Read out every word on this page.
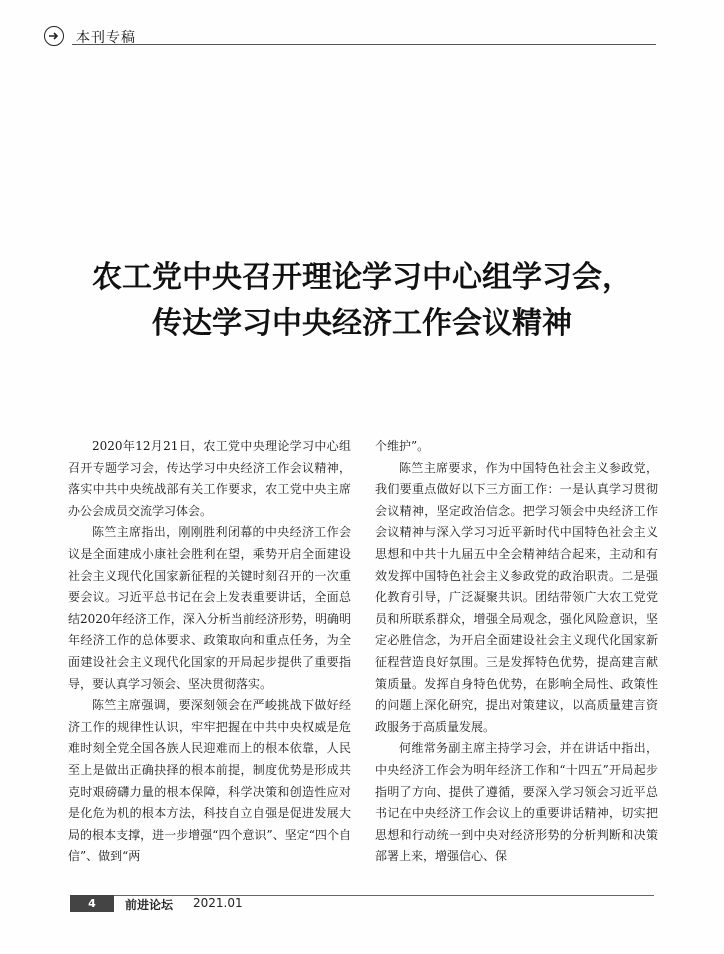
本刊专稿
农工党中央召开理论学习中心组学习会，
传达学习中央经济工作会议精神

2020年12月21日，农工党中央理论学习中心组召开专题学习会，传达学习中央经济工作会议精神，落实中共中央统战部有关工作要求，农工党中央主席办公会成员交流学习体会。

陈竺主席指出，刚刚胜利闭幕的中央经济工作会议是全面建成小康社会胜利在望，乘势开启全面建设社会主义现代化国家新征程的关键时刻召开的一次重要会议。习近平总书记在会上发表重要讲话，全面总结2020年经济工作，深入分析当前经济形势，明确明年经济工作的总体要求、政策取向和重点任务，为全面建设社会主义现代化国家的开局起步提供了重要指导，要认真学习领会、坚决贯彻落实。

陈竺主席强调，要深刻领会在严峻挑战下做好经济工作的规律性认识，牢牢把握在中共中央权威是危难时刻全党全国各族人民迎难而上的根本依靠，人民至上是做出正确抉择的根本前提，制度优势是形成共克时艰磅礴力量的根本保障，科学决策和创造性应对是化危为机的根本方法，科技自立自强是促进发展大局的根本支撑，进一步增强“四个意识”、坚定“四个自信”、做到“两

个维护”。

陈竺主席要求，作为中国特色社会主义参政党，我们要重点做好以下三方面工作：一是认真学习贯彻会议精神，坚定政治信念。把学习领会中央经济工作会议精神与深入学习习近平新时代中国特色社会主义思想和中共十九届五中全会精神结合起来，主动和有效发挥中国特色社会主义参政党的政治职责。二是强化教育引导，广泛凝聚共识。团结带领广大农工党党员和所联系群众，增强全局观念，强化风险意识，坚定必胜信念，为开启全面建设社会主义现代化国家新征程营造良好氛围。三是发挥特色优势，提高建言献策质量。发挥自身特色优势，在影响全局性、政策性的问题上深化研究，提出对策建议，以高质量建言资政服务于高质量发展。

何维常务副主席主持学习会，并在讲话中指出，中央经济工作会为明年经济工作和“十四五”开局起步指明了方向、提供了遵循，要深入学习领会习近平总书记在中央经济工作会议上的重要讲话精神，切实把思想和行动统一到中央对经济形势的分析判断和决策部署上来，增强信心、保

4	前进论坛 2021.01
